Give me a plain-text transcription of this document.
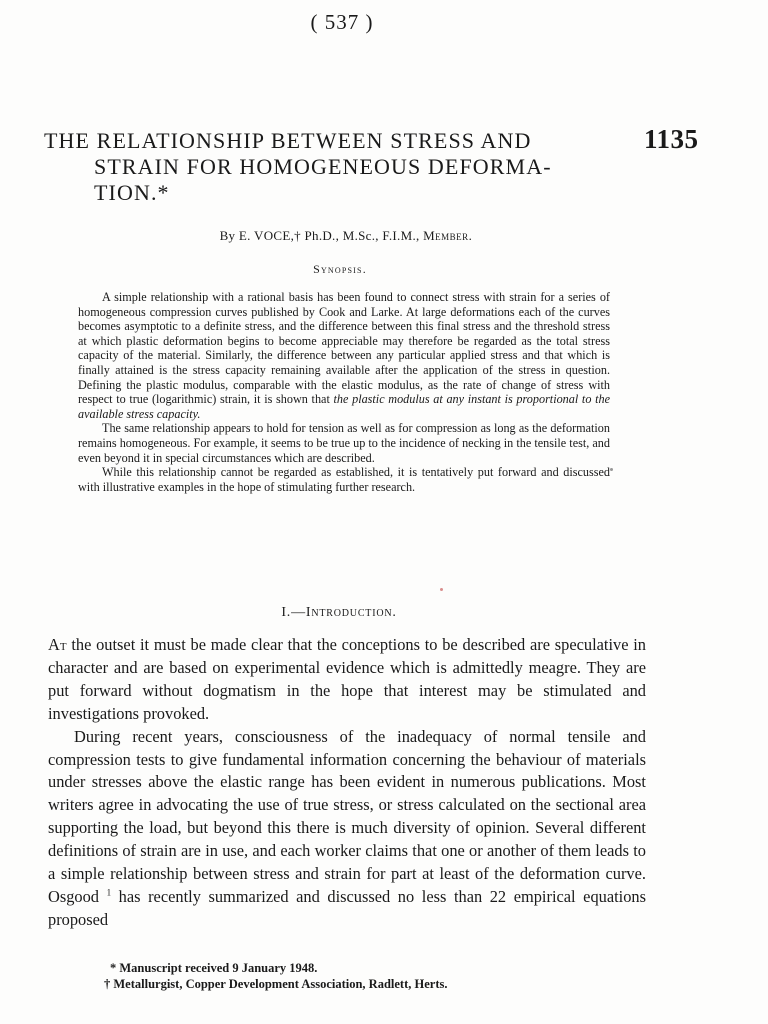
( 537 )
THE RELATIONSHIP BETWEEN STRESS AND
STRAIN FOR HOMOGENEOUS DEFORMA-
TION.*
1135
By E. VOCE,† Ph.D., M.Sc., F.I.M., Member.
Synopsis.

A simple relationship with a rational basis has been found to connect stress with strain for a series of homogeneous compression curves published by Cook and Larke. At large deformations each of the curves becomes asymptotic to a definite stress, and the difference between this final stress and the threshold stress at which plastic deformation begins to become appreciable may therefore be regarded as the total stress capacity of the material. Similarly, the difference between any particular applied stress and that which is finally attained is the stress capacity remaining available after the application of the stress in question. Defining the plastic modulus, comparable with the elastic modulus, as the rate of change of stress with respect to true (logarithmic) strain, it is shown that the plastic modulus at any instant is proportional to the available stress capacity.

The same relationship appears to hold for tension as well as for compression as long as the deformation remains homogeneous. For example, it seems to be true up to the incidence of necking in the tensile test, and even beyond it in special circumstances which are described.

While this relationship cannot be regarded as established, it is tentatively put forward and discussed with illustrative examples in the hope of stimulating further research.

I.—Introduction.

At the outset it must be made clear that the conceptions to be described are speculative in character and are based on experimental evidence which is admittedly meagre. They are put forward without dogmatism in the hope that interest may be stimulated and investigations provoked.

During recent years, consciousness of the inadequacy of normal tensile and compression tests to give fundamental information concerning the behaviour of materials under stresses above the elastic range has been evident in numerous publications. Most writers agree in advocating the use of true stress, or stress calculated on the sectional area supporting the load, but beyond this there is much diversity of opinion. Several different definitions of strain are in use, and each worker claims that one or another of them leads to a simple relationship between stress and strain for part at least of the deformation curve. Osgood $^1$ has recently summarized and discussed no less than 22 empirical equations proposed

* Manuscript received 9 January 1948.
† Metallurgist, Copper Development Association, Radlett, Herts.
